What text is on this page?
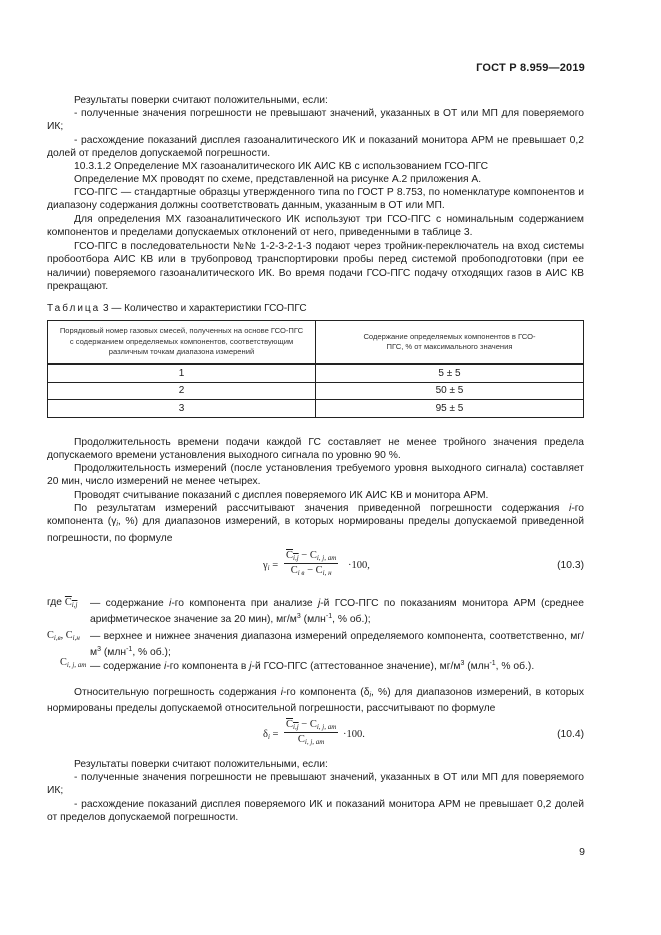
ГОСТ Р 8.959—2019
Результаты поверки считают положительными, если:
- полученные значения погрешности не превышают значений, указанных в ОТ или МП для поверяемого ИК;
- расхождение показаний дисплея газоаналитического ИК и показаний монитора АРМ не превышает 0,2 долей от пределов допускаемой погрешности.
10.3.1.2 Определение МХ газоаналитического ИК АИС КВ с использованием ГСО-ПГС
Определение МХ проводят по схеме, представленной на рисунке А.2 приложения А.
ГСО-ПГС — стандартные образцы утвержденного типа по ГОСТ Р 8.753, по номенклатуре компонентов и диапазону содержания должны соответствовать данным, указанным в ОТ или МП.
Для определения МХ газоаналитического ИК используют три ГСО-ПГС с номинальным содержанием компонентов и пределами допускаемых отклонений от него, приведенными в таблице 3.
ГСО-ПГС в последовательности №№ 1-2-3-2-1-3 подают через тройник-переключатель на вход системы пробоотбора АИС КВ или в трубопровод транспортировки пробы перед системой пробоподготовки (при ее наличии) поверяемого газоаналитического ИК. Во время подачи ГСО-ПГС подачу отходящих газов в АИС КВ прекращают.
Таблица 3 — Количество и характеристики ГСО-ПГС
Порядковый номер газовых смесей, полученных на основе ГСО-ПГС с содержанием определяемых компонентов, соответствующим различным точкам диапазона измерений	Содержание определяемых компонентов в ГСО-ПГС, % от максимального значения

1	5 ± 5
2	50 ± 5
3	95 ± 5
Продолжительность времени подачи каждой ГС составляет не менее тройного значения предела допускаемого времени установления выходного сигнала по уровню 90 %.
Продолжительность измерений (после установления требуемого уровня выходного сигнала) составляет 20 мин, число измерений не менее четырех.
Проводят считывание показаний с дисплея поверяемого ИК АИС КВ и монитора АРМ.
По результатам измерений рассчитывают значения приведенной погрешности содержания i-го компонента ($\gamma_i$, %) для диапазонов измерений, в которых нормированы пределы допускаемой приведенной погрешности, по формуле
$\gamma_i$ =
$C_{i,j} - C_{i, j, ат}$
$C_{i в} - C_{i, н}$
·100,	(10.3)
где $C_{i,j}$ — содержание i-го компонента при анализе j-й ГСО-ПГС по показаниям монитора АРМ (среднее арифметическое значение за 20 мин), $мг/м^3$ (млн$^{-1}$, % об.);
$C_{i,в}$, $C_{i,н}$ — верхнее и нижнее значения диапазона измерений определяемого компонента, соответственно, $мг/м^3$ (млн$^{-1}$, % об.);
$C_{i, j, ат}$ — содержание i-го компонента в j-й ГСО-ПГС (аттестованное значение), $мг/м^3$ (млн$^{-1}$, % об.).
Относительную погрешность содержания i-го компонента ($\delta_i$, %) для диапазонов измерений, в которых нормированы пределы допускаемой относительной погрешности, рассчитывают по формуле
$\delta_i$ =
$C_{i,j} - C_{i, j, ат}$
$C_{i, j, ат}$
·100.	(10.4)
Результаты поверки считают положительными, если:
- полученные значения погрешности не превышают значений, указанных в ОТ или МП для поверяемого ИК;
- расхождение показаний дисплея поверяемого ИК и показаний монитора АРМ не превышает 0,2 долей от пределов допускаемой погрешности.
9
